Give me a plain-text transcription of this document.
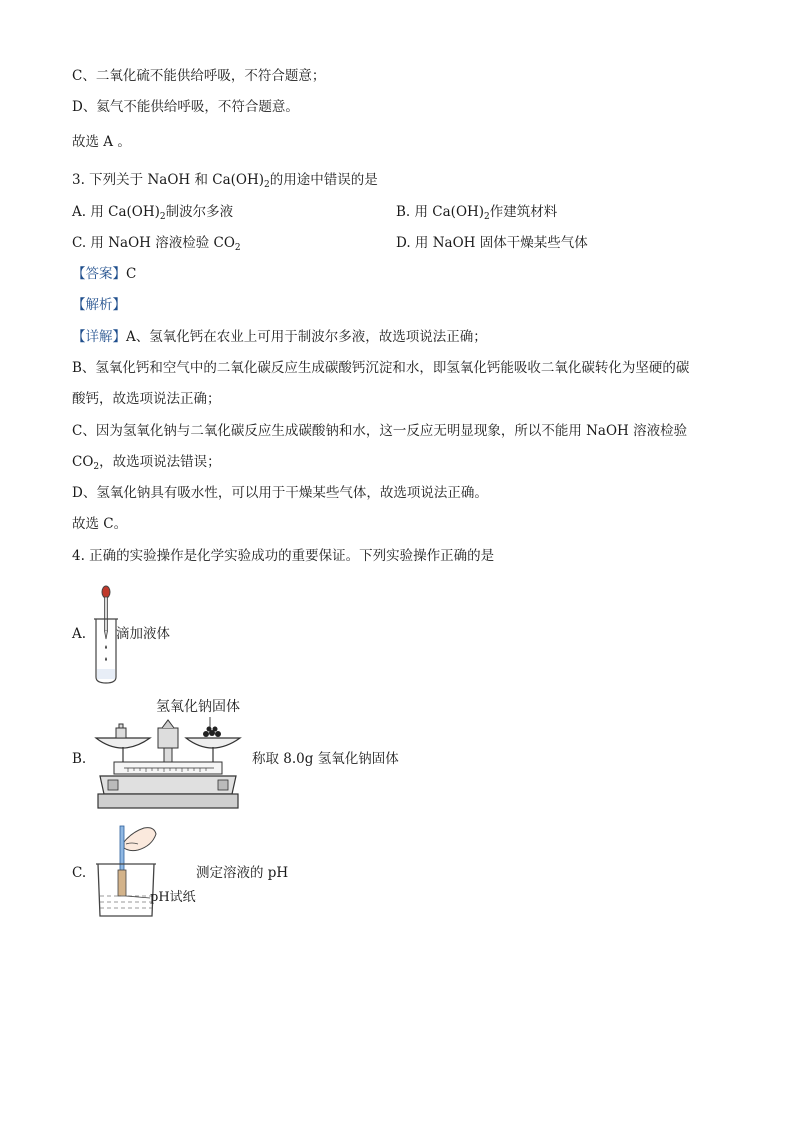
C、二氧化硫不能供给呼吸，不符合题意；
D、氦气不能供给呼吸，不符合题意。
故选 A 。
3. 下列关于 NaOH 和 $Ca(OH)_2$的用途中错误的是
A. 用 $Ca(OH)_2$制波尔多液	B. 用 $Ca(OH)_2$作建筑材料
C. 用 NaOH 溶液检验 $CO_2$	D. 用 NaOH 固体干燥某些气体
【答案】C
【解析】
【详解】A、氢氧化钙在农业上可用于制波尔多液，故选项说法正确；
B、氢氧化钙和空气中的二氧化碳反应生成碳酸钙沉淀和水，即氢氧化钙能吸收二氧化碳转化为坚硬的碳
酸钙，故选项说法正确；
C、因为氢氧化钠与二氧化碳反应生成碳酸钠和水，这一反应无明显现象，所以不能用 NaOH 溶液检验
$CO_2$，故选项说法错误；
D、氢氧化钠具有吸水性，可以用于干燥某些气体，故选项说法正确。
故选 C。
4. 正确的实验操作是化学实验成功的重要保证。下列实验操作正确的是
A. 滴加液体
B.
氢氧化钠固体
称取 8.0g 氢氧化钠固体
C.
pH试纸
测定溶液的 pH
